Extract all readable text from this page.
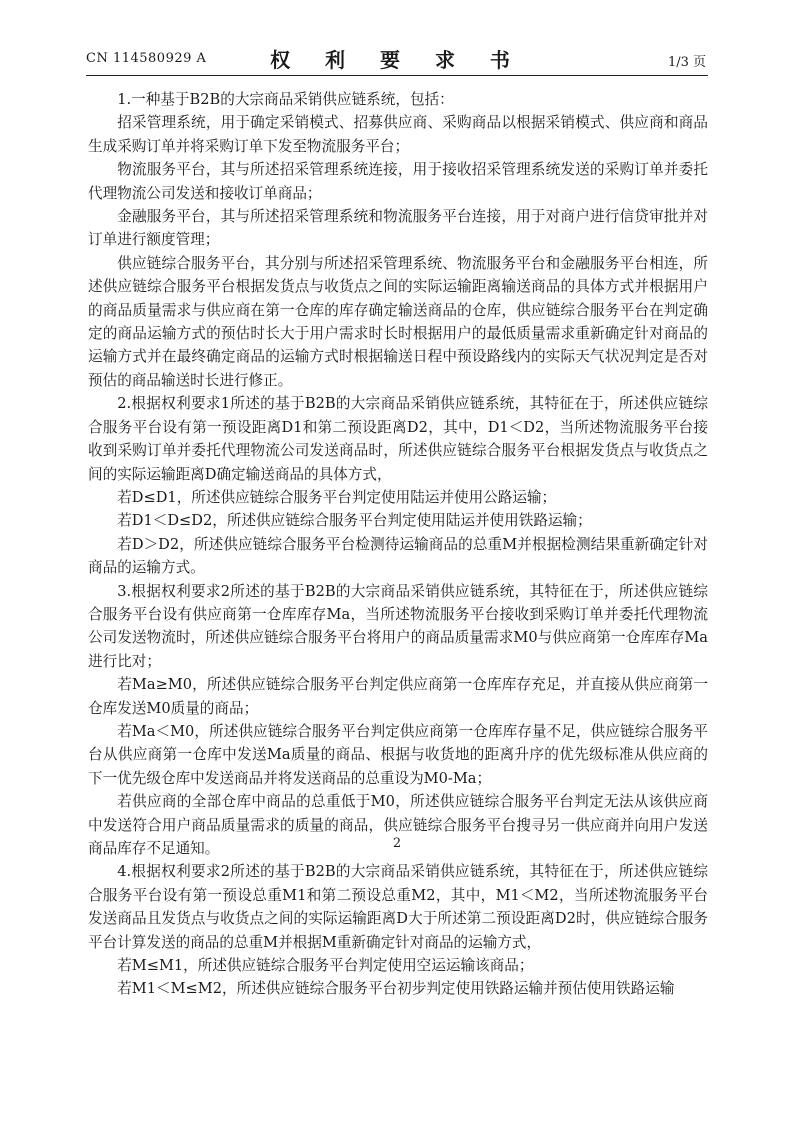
CN 114580929 A	权 利 要 求 书	1/3 页

1.一种基于B2B的大宗商品采销供应链系统，包括：

招采管理系统，用于确定采销模式、招募供应商、采购商品以根据采销模式、供应商和商品生成采购订单并将采购订单下发至物流服务平台；

物流服务平台，其与所述招采管理系统连接，用于接收招采管理系统发送的采购订单并委托代理物流公司发送和接收订单商品；

金融服务平台，其与所述招采管理系统和物流服务平台连接，用于对商户进行信贷审批并对订单进行额度管理；

供应链综合服务平台，其分别与所述招采管理系统、物流服务平台和金融服务平台相连，所述供应链综合服务平台根据发货点与收货点之间的实际运输距离输送商品的具体方式并根据用户的商品质量需求与供应商在第一仓库的库存确定输送商品的仓库，供应链综合服务平台在判定确定的商品运输方式的预估时长大于用户需求时长时根据用户的最低质量需求重新确定针对商品的运输方式并在最终确定商品的运输方式时根据输送日程中预设路线内的实际天气状况判定是否对预估的商品输送时长进行修正。

2.根据权利要求1所述的基于B2B的大宗商品采销供应链系统，其特征在于，所述供应链综合服务平台设有第一预设距离D1和第二预设距离D2，其中，D1＜D2，当所述物流服务平台接收到采购订单并委托代理物流公司发送商品时，所述供应链综合服务平台根据发货点与收货点之间的实际运输距离D确定输送商品的具体方式，

若D≤D1，所述供应链综合服务平台判定使用陆运并使用公路运输；

若D1＜D≤D2，所述供应链综合服务平台判定使用陆运并使用铁路运输；

若D＞D2，所述供应链综合服务平台检测待运输商品的总重M并根据检测结果重新确定针对商品的运输方式。

3.根据权利要求2所述的基于B2B的大宗商品采销供应链系统，其特征在于，所述供应链综合服务平台设有供应商第一仓库库存Ma，当所述物流服务平台接收到采购订单并委托代理物流公司发送物流时，所述供应链综合服务平台将用户的商品质量需求M0与供应商第一仓库库存Ma进行比对；

若Ma≥M0，所述供应链综合服务平台判定供应商第一仓库库存充足，并直接从供应商第一仓库发送M0质量的商品；

若Ma＜M0，所述供应链综合服务平台判定供应商第一仓库库存量不足，供应链综合服务平台从供应商第一仓库中发送Ma质量的商品、根据与收货地的距离升序的优先级标准从供应商的下一优先级仓库中发送商品并将发送商品的总重设为M0-Ma；

若供应商的全部仓库中商品的总重低于M0，所述供应链综合服务平台判定无法从该供应商中发送符合用户商品质量需求的质量的商品，供应链综合服务平台搜寻另一供应商并向用户发送商品库存不足通知。

4.根据权利要求2所述的基于B2B的大宗商品采销供应链系统，其特征在于，所述供应链综合服务平台设有第一预设总重M1和第二预设总重M2，其中，M1＜M2，当所述物流服务平台发送商品且发货点与收货点之间的实际运输距离D大于所述第二预设距离D2时，供应链综合服务平台计算发送的商品的总重M并根据M重新确定针对商品的运输方式，

若M≤M1，所述供应链综合服务平台判定使用空运运输该商品；

若M1＜M≤M2，所述供应链综合服务平台初步判定使用铁路运输并预估使用铁路运输

2
